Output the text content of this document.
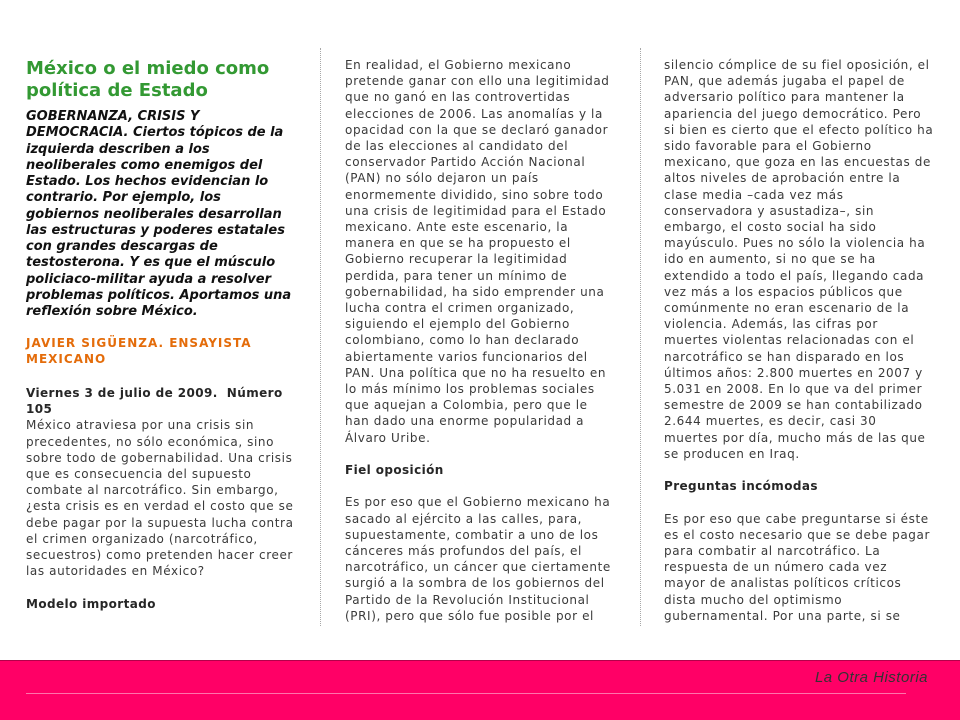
México o el miedo como
política de Estado
GOBERNANZA, CRISIS Y
DEMOCRACIA. Ciertos tópicos de la
izquierda describen a los
neoliberales como enemigos del
Estado. Los hechos evidencian lo
contrario. Por ejemplo, los
gobiernos neoliberales desarrollan
las estructuras y poderes estatales
con grandes descargas de
testosterona. Y es que el músculo
policiaco-militar ayuda a resolver
problemas políticos. Aportamos una
reflexión sobre México.
JAVIER SIGÜENZA. ENSAYISTA
MEXICANO
Viernes 3 de julio de 2009.  Número
105
México atraviesa por una crisis sin
precedentes, no sólo económica, sino
sobre todo de gobernabilidad. Una crisis
que es consecuencia del supuesto
combate al narcotráfico. Sin embargo,
¿esta crisis es en verdad el costo que se
debe pagar por la supuesta lucha contra
el crimen organizado (narcotráfico,
secuestros) como pretenden hacer creer
las autoridades en México?
Modelo importado
En realidad, el Gobierno mexicano
pretende ganar con ello una legitimidad
que no ganó en las controvertidas
elecciones de 2006. Las anomalías y la
opacidad con la que se declaró ganador
de las elecciones al candidato del
conservador Partido Acción Nacional
(PAN) no sólo dejaron un país
enormemente dividido, sino sobre todo
una crisis de legitimidad para el Estado
mexicano. Ante este escenario, la
manera en que se ha propuesto el
Gobierno recuperar la legitimidad
perdida, para tener un mínimo de
gobernabilidad, ha sido emprender una
lucha contra el crimen organizado,
siguiendo el ejemplo del Gobierno
colombiano, como lo han declarado
abiertamente varios funcionarios del
PAN. Una política que no ha resuelto en
lo más mínimo los problemas sociales
que aquejan a Colombia, pero que le
han dado una enorme popularidad a
Álvaro Uribe.
Fiel oposición
Es por eso que el Gobierno mexicano ha
sacado al ejército a las calles, para,
supuestamente, combatir a uno de los
cánceres más profundos del país, el
narcotráfico, un cáncer que ciertamente
surgió a la sombra de los gobiernos del
Partido de la Revolución Institucional
(PRI), pero que sólo fue posible por el
silencio cómplice de su fiel oposición, el
PAN, que además jugaba el papel de
adversario político para mantener la
apariencia del juego democrático. Pero
si bien es cierto que el efecto político ha
sido favorable para el Gobierno
mexicano, que goza en las encuestas de
altos niveles de aprobación entre la
clase media –cada vez más
conservadora y asustadiza–, sin
embargo, el costo social ha sido
mayúsculo. Pues no sólo la violencia ha
ido en aumento, si no que se ha
extendido a todo el país, llegando cada
vez más a los espacios públicos que
comúnmente no eran escenario de la
violencia. Además, las cifras por
muertes violentas relacionadas con el
narcotráfico se han disparado en los
últimos años: 2.800 muertes en 2007 y
5.031 en 2008. En lo que va del primer
semestre de 2009 se han contabilizado
2.644 muertes, es decir, casi 30
muertes por día, mucho más de las que
se producen en Iraq.
Preguntas incómodas
Es por eso que cabe preguntarse si éste
es el costo necesario que se debe pagar
para combatir al narcotráfico. La
respuesta de un número cada vez
mayor de analistas políticos críticos
dista mucho del optimismo
gubernamental. Por una parte, si se
La Otra Historia
